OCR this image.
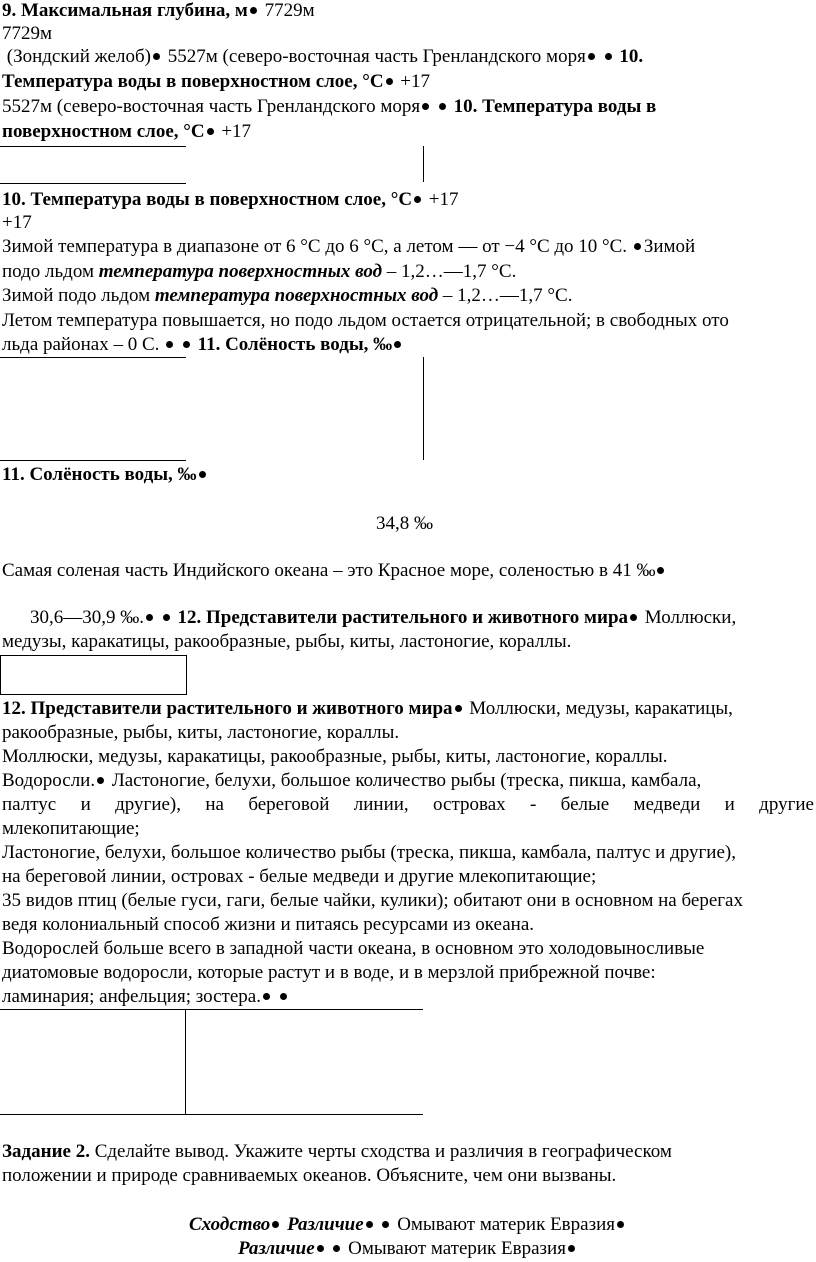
9. Максимальная глубина, м 7729м
7729м
(Зондский желоб) 5527м (северо-восточная часть Гренландского моря 10.
Температура воды в поверхностном слое, °С +17
5527м (северо-восточная часть Гренландского моря 10. Температура воды в
поверхностном слое, °С +17
10. Температура воды в поверхностном слое, °С +17
+17
Зимой температура в диапазоне от 6 °C до 6 °C, а летом — от −4 °C до 10 °C. Зимой
подо льдом температура поверхностных вод – 1,2…—1,7 °С.
Зимой подо льдом температура поверхностных вод – 1,2…—1,7 °С.
Летом температура повышается, но подо льдом остается отрицательной; в свободных ото
льда районах – 0 С. 11. Солёность воды, ‰
11. Солёность воды, ‰
34,8 ‰
Самая соленая часть Индийского океана – это Красное море, соленостью в 41 ‰
30,6—30,9 ‰. 12. Представители растительного и животного мира Моллюски,
медузы, каракатицы, ракообразные, рыбы, киты, ластоногие, кораллы.
12. Представители растительного и животного мира Моллюски, медузы, каракатицы,
ракообразные, рыбы, киты, ластоногие, кораллы.
Моллюски, медузы, каракатицы, ракообразные, рыбы, киты, ластоногие, кораллы.
Водоросли. Ластоногие, белухи, большое количество рыбы (треска, пикша, камбала,
палтус и другие), на береговой линии, островах - белые медведи и другие
млекопитающие;
Ластоногие, белухи, большое количество рыбы (треска, пикша, камбала, палтус и другие),
на береговой линии, островах - белые медведи и другие млекопитающие;
35 видов птиц (белые гуси, гаги, белые чайки, кулики); обитают они в основном на берегах
ведя колониальный способ жизни и питаясь ресурсами из океана.
Водорослей больше всего в западной части океана, в основном это холодовыносливые
диатомовые водоросли, которые растут и в воде, и в мерзлой прибрежной почве:
ламинария; анфельция; зостера.
Задание 2. Сделайте вывод. Укажите черты сходства и различия в географическом
положении и природе сравниваемых океанов. Объясните, чем они вызваны.
Сходство Различие Омывают материк Евразия
Различие Омывают материк Евразия
